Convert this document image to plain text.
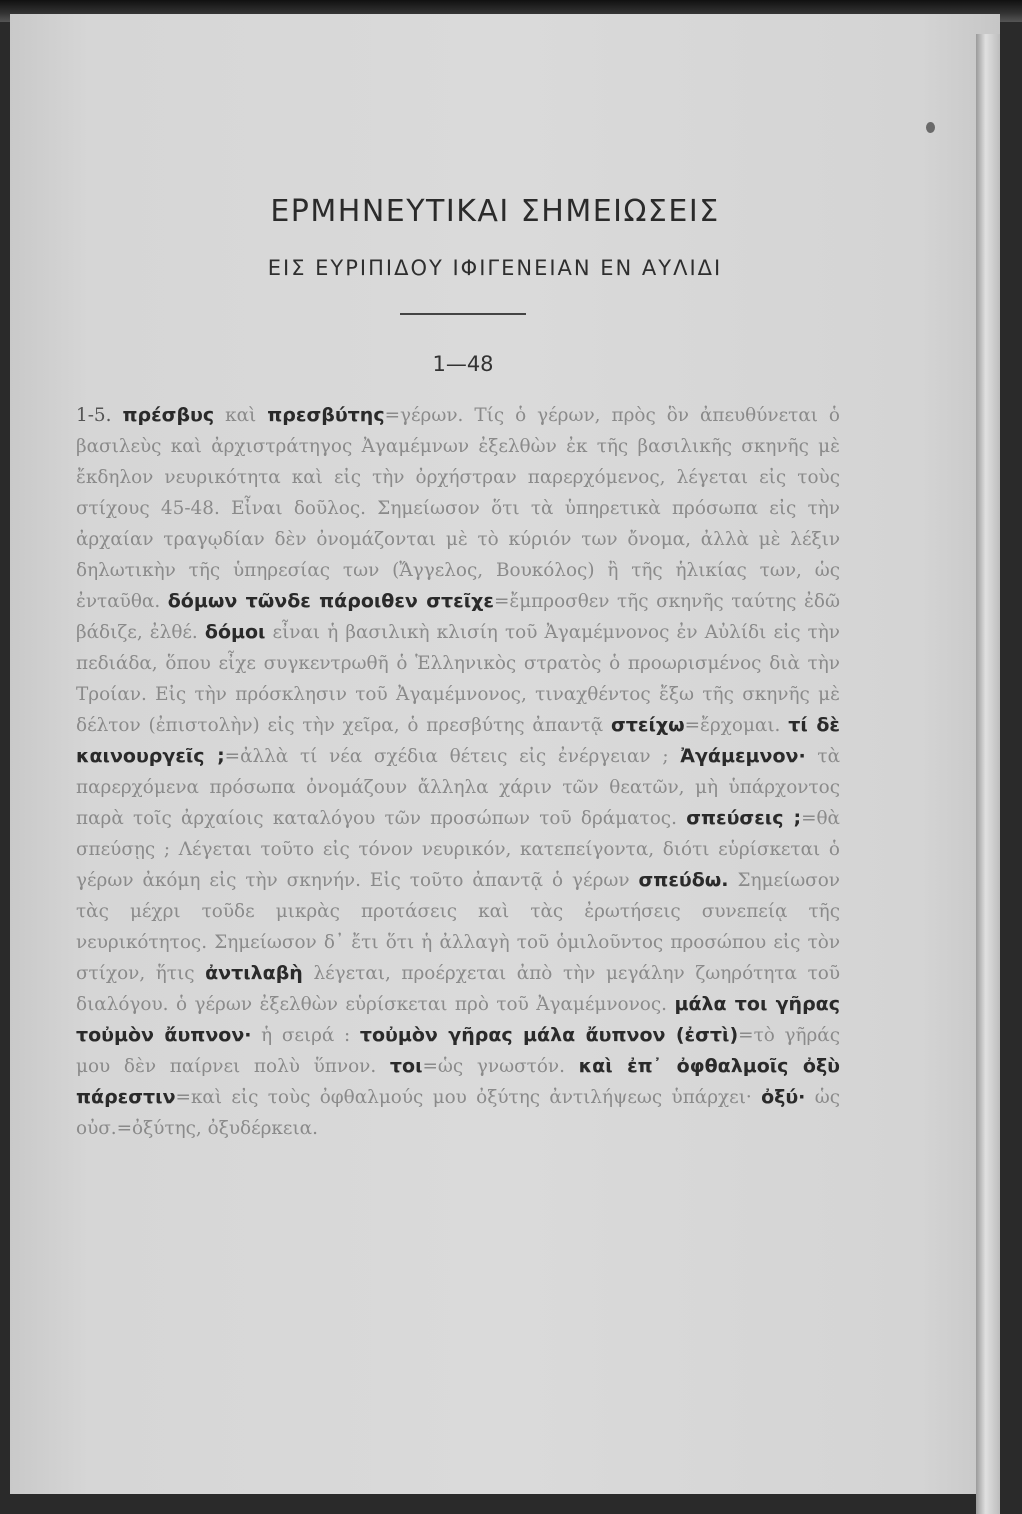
ΕΡΜΗΝΕΥΤΙΚΑΙ ΣΗΜΕΙΩΣΕΙΣ
ΕΙΣ ΕΥΡΙΠΙΔΟΥ ΙΦΙΓΕΝΕΙΑΝ ΕΝ ΑΥΛΙΔΙ
1—48
1-5. πρέσβυς καὶ πρεσβύτης=γέρων. Τίς ὁ γέρων, πρὸς ὃν ἀπευθύνεται ὁ βασιλεὺς καὶ ἀρχιστράτηγος Ἀγαμέμνων ἐξελθὼν ἐκ τῆς βασιλικῆς σκηνῆς μὲ ἔκδηλον νευρικότητα καὶ εἰς τὴν ὀρχήστραν παρερχόμενος, λέγεται εἰς τοὺς στίχους 45-48. Εἶναι δοῦλος. Σημείωσον ὅτι τὰ ὑπηρετικὰ πρόσωπα εἰς τὴν ἀρχαίαν τραγῳδίαν δὲν ὀνομάζονται μὲ τὸ κύριόν των ὄνομα, ἀλλὰ μὲ λέξιν δηλωτικὴν τῆς ὑπηρεσίας των (Ἄγγελος, Βουκόλος) ἢ τῆς ἡλικίας των, ὡς ἐνταῦθα. δόμων τῶνδε πάροιθεν στεῖχε=ἔμπροσθεν τῆς σκηνῆς ταύτης ἐδῶ βάδιζε, ἐλθέ. δόμοι εἶναι ἡ βασιλικὴ κλισίη τοῦ Ἀγαμέμνονος ἐν Αὐλίδι εἰς τὴν πεδιάδα, ὅπου εἶχε συγκεντρωθῆ ὁ Ἑλληνικὸς στρατὸς ὁ προωρισμένος διὰ τὴν Τροίαν. Εἰς τὴν πρόσκλησιν τοῦ Ἀγαμέμνονος, τιναχθέντος ἔξω τῆς σκηνῆς μὲ δέλτον (ἐπιστολὴν) εἰς τὴν χεῖρα, ὁ πρεσβύτης ἀπαντᾷ στείχω=ἔρχομαι. τί δὲ καινουργεῖς ;=ἀλλὰ τί νέα σχέδια θέτεις εἰς ἐνέργειαν ; Ἀγάμεμνον· τὰ παρερχόμενα πρόσωπα ὀνομάζουν ἄλληλα χάριν τῶν θεατῶν, μὴ ὑπάρχοντος παρὰ τοῖς ἀρχαίοις καταλόγου τῶν προσώπων τοῦ δράματος. σπεύσεις ;=θὰ σπεύσῃς ; Λέγεται τοῦτο εἰς τόνον νευρικόν, κατεπείγοντα, διότι εὑρίσκεται ὁ γέρων ἀκόμη εἰς τὴν σκηνήν. Εἰς τοῦτο ἀπαντᾷ ὁ γέρων σπεύδω. Σημείωσον τὰς μέχρι τοῦδε μικρὰς προτάσεις καὶ τὰς ἐρωτήσεις συνεπείᾳ τῆς νευρικότητος. Σημείωσον δ᾽ ἔτι ὅτι ἡ ἀλλαγὴ τοῦ ὁμιλοῦντος προσώπου εἰς τὸν στίχον, ἥτις ἀντιλαβὴ λέγεται, προέρχεται ἀπὸ τὴν μεγάλην ζωηρότητα τοῦ διαλόγου. ὁ γέρων ἐξελθὼν εὑρίσκεται πρὸ τοῦ Ἀγαμέμνονος. μάλα τοι γῆρας τοὐμὸν ἄυπνον· ἡ σειρά : τοὐμὸν γῆρας μάλα ἄυπνον (ἐστὶ)=τὸ γῆράς μου δὲν παίρνει πολὺ ὕπνον. τοι=ὡς γνωστόν. καὶ ἐπ᾽ ὀφθαλμοῖς ὀξὺ πάρεστιν=καὶ εἰς τοὺς ὀφθαλμούς μου ὀξύτης ἀντιλήψεως ὑπάρχει· ὀξύ· ὡς οὐσ.=ὀξύτης, ὀξυδέρκεια.
